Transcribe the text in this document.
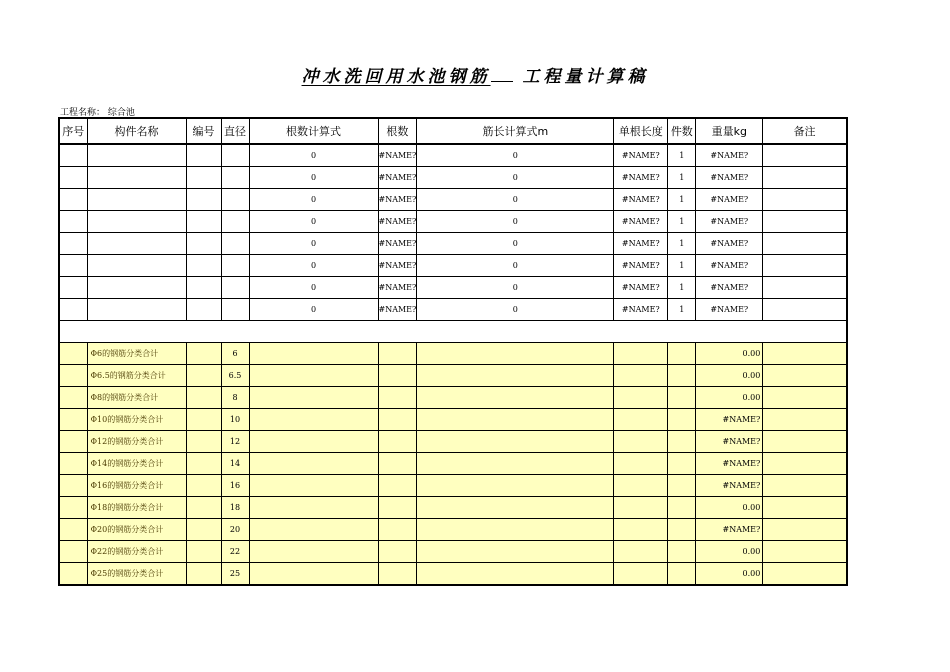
冲水洗回用水池钢筋 工程量计算稿
工程名称： 综合池
序号	构件名称	编号	直径	根数计算式	根数	筋长计算式m	单根长度	件数	重量kg	备注
				0	#NAME?	0	#NAME?	1	#NAME?	
				0	#NAME?	0	#NAME?	1	#NAME?	
				0	#NAME?	0	#NAME?	1	#NAME?	
				0	#NAME?	0	#NAME?	1	#NAME?	
				0	#NAME?	0	#NAME?	1	#NAME?	
				0	#NAME?	0	#NAME?	1	#NAME?	
				0	#NAME?	0	#NAME?	1	#NAME?	
				0	#NAME?	0	#NAME?	1	#NAME?	

	Φ6的钢筋分类合计		6						0.00	
	Φ6.5的钢筋分类合计		6.5						0.00	
	Φ8的钢筋分类合计		8						0.00	
	Φ10的钢筋分类合计		10						#NAME?	
	Φ12的钢筋分类合计		12						#NAME?	
	Φ14的钢筋分类合计		14						#NAME?	
	Φ16的钢筋分类合计		16						#NAME?	
	Φ18的钢筋分类合计		18						0.00	
	Φ20的钢筋分类合计		20						#NAME?	
	Φ22的钢筋分类合计		22						0.00	
	Φ25的钢筋分类合计		25						0.00	
